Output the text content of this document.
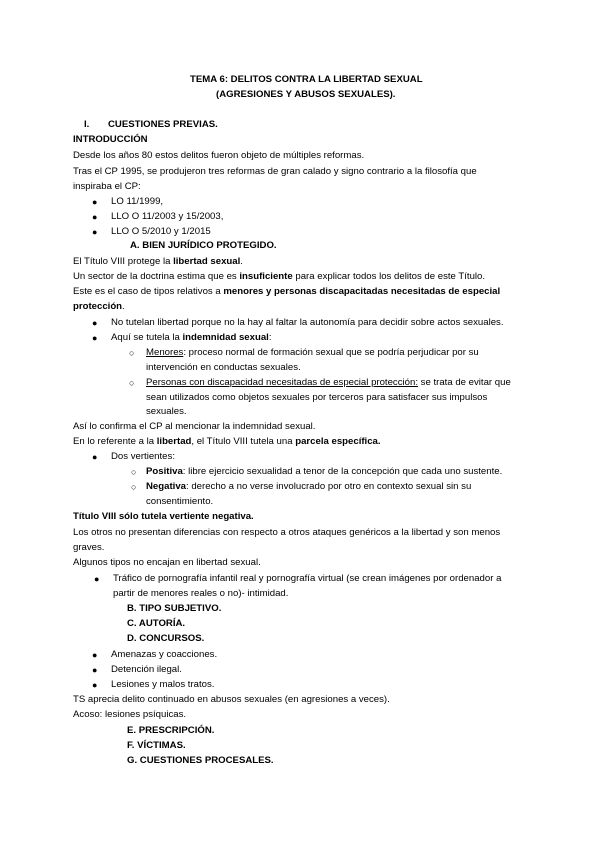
TEMA 6: DELITOS CONTRA LA LIBERTAD SEXUAL
(AGRESIONES Y ABUSOS SEXUALES).
I. CUESTIONES PREVIAS.
INTRODUCCIÓN
Desde los años 80 estos delitos fueron objeto de múltiples reformas.
Tras el CP 1995, se produjeron tres reformas de gran calado y signo contrario a la filosofía que
inspiraba el CP:
● LO 11/1999,
● LLO O 11/2003 y 15/2003,
● LLO O 5/2010 y 1/2015
A. BIEN JURÍDICO PROTEGIDO.
El Título VIII protege la libertad sexual.
Un sector de la doctrina estima que es insuficiente para explicar todos los delitos de este Título.
Este es el caso de tipos relativos a menores y personas discapacitadas necesitadas de especial
protección.
● No tutelan libertad porque no la hay al faltar la autonomía para decidir sobre actos sexuales.
● Aquí se tutela la indemnidad sexual:
○ Menores: proceso normal de formación sexual que se podría perjudicar por su
intervención en conductas sexuales.
○ Personas con discapacidad necesitadas de especial protección: se trata de evitar que
sean utilizados como objetos sexuales por terceros para satisfacer sus impulsos
sexuales.
Así lo confirma el CP al mencionar la indemnidad sexual.
En lo referente a la libertad, el Título VIII tutela una parcela específica.
● Dos vertientes:
○ Positiva: libre ejercicio sexualidad a tenor de la concepción que cada uno sustente.
○ Negativa: derecho a no verse involucrado por otro en contexto sexual sin su
consentimiento.
Título VIII sólo tutela vertiente negativa.
Los otros no presentan diferencias con respecto a otros ataques genéricos a la libertad y son menos
graves.
Algunos tipos no encajan en libertad sexual.
● Tráfico de pornografía infantil real y pornografía virtual (se crean imágenes por ordenador a
partir de menores reales o no)- intimidad.
B. TIPO SUBJETIVO.
C. AUTORÍA.
D. CONCURSOS.
● Amenazas y coacciones.
● Detención ilegal.
● Lesiones y malos tratos.
TS aprecia delito continuado en abusos sexuales (en agresiones a veces).
Acoso: lesiones psíquicas.
E. PRESCRIPCIÓN.
F. VÍCTIMAS.
G. CUESTIONES PROCESALES.
